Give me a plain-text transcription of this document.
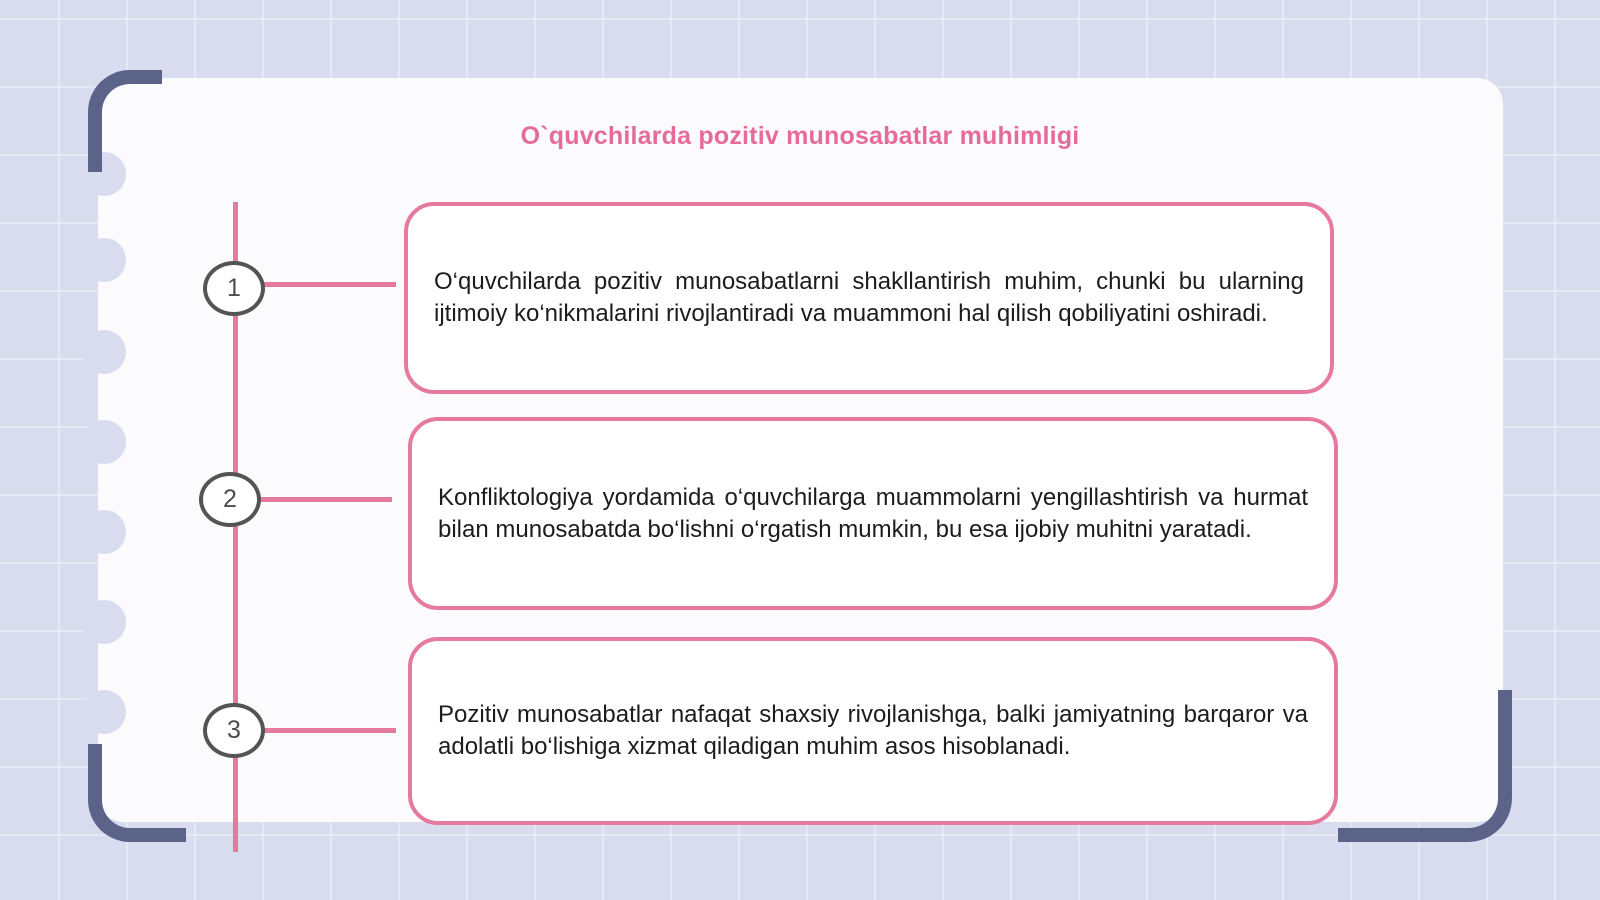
O`quvchilarda pozitiv munosabatlar muhimligi
1
2
3
O‘quvchilarda pozitiv munosabatlarni shakllantirish muhim, chunki bu ularning ijtimoiy ko‘nikmalarini rivojlantiradi va muammoni hal qilish qobiliyatini oshiradi.
Konfliktologiya yordamida o‘quvchilarga muammolarni yengillashtirish va hurmat bilan munosabatda bo‘lishni o‘rgatish mumkin, bu esa ijobiy muhitni yaratadi.
Pozitiv munosabatlar nafaqat shaxsiy rivojlanishga, balki jamiyatning barqaror va adolatli bo‘lishiga xizmat qiladigan muhim asos hisoblanadi.
